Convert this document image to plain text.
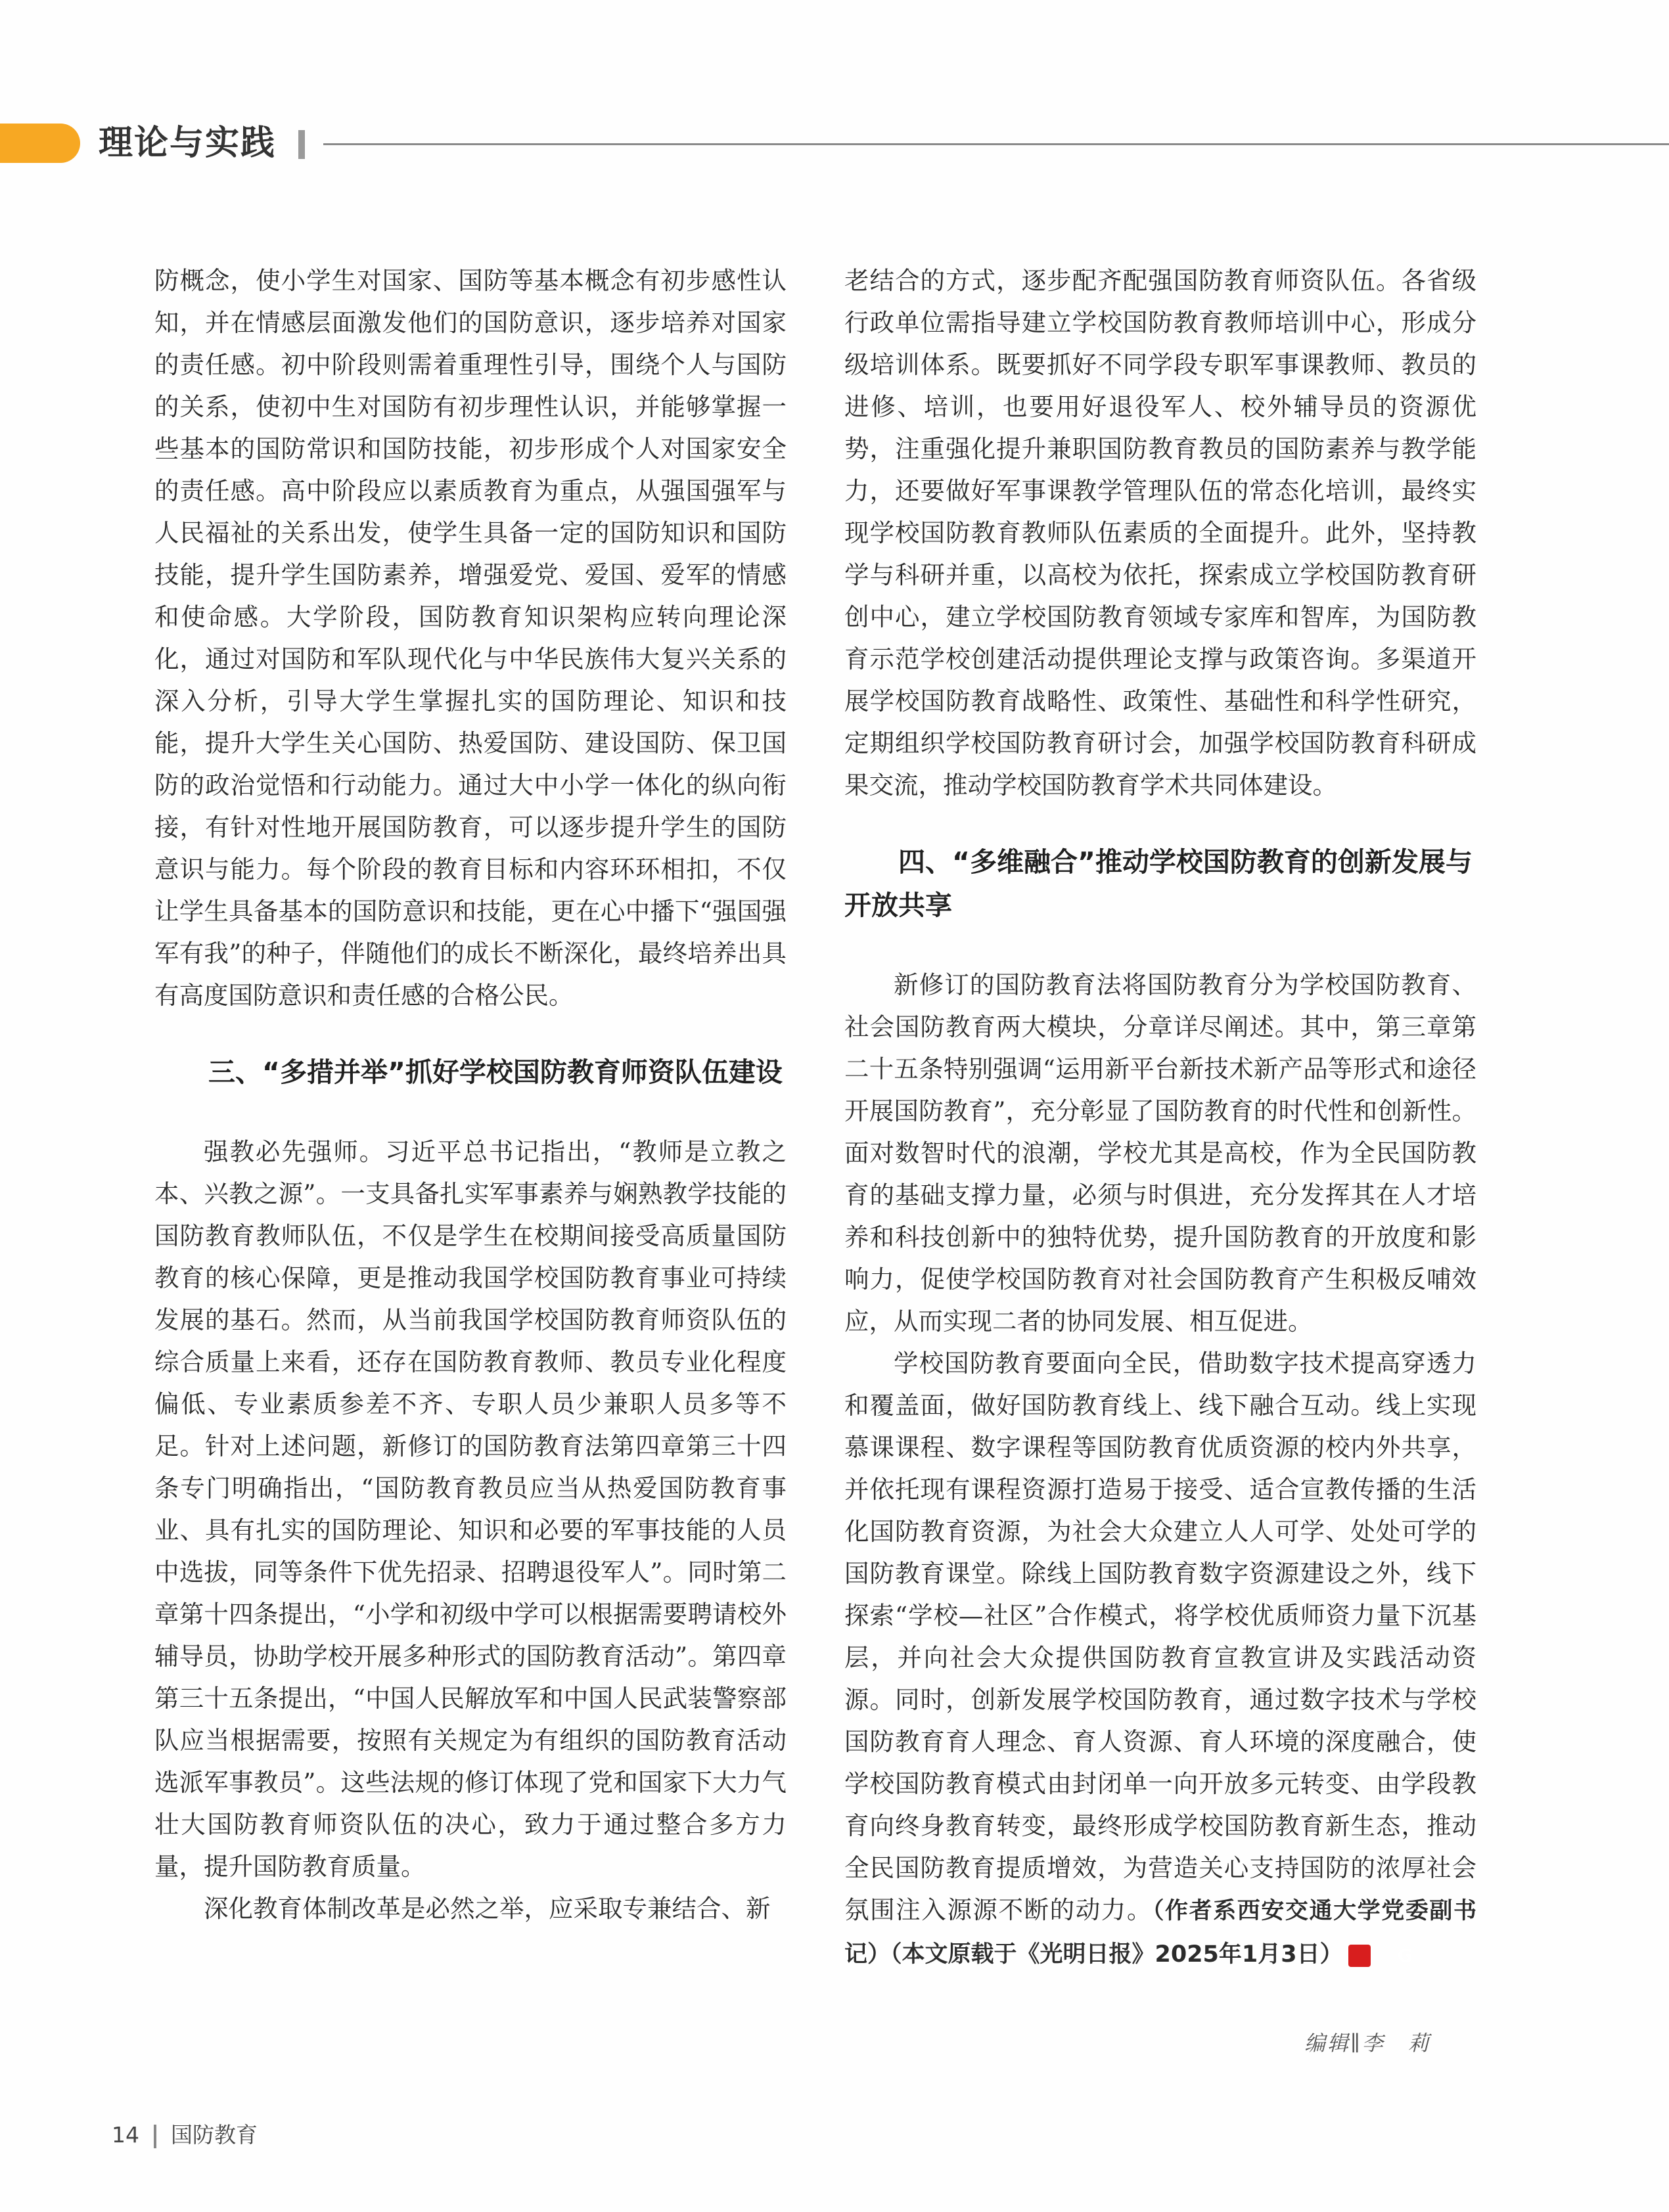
理论与实践

防概念，使小学生对国家、国防等基本概念有初步感性认知，并在情感层面激发他们的国防意识，逐步培养对国家的责任感。初中阶段则需着重理性引导，围绕个人与国防的关系，使初中生对国防有初步理性认识，并能够掌握一些基本的国防常识和国防技能，初步形成个人对国家安全的责任感。高中阶段应以素质教育为重点，从强国强军与人民福祉的关系出发，使学生具备一定的国防知识和国防技能，提升学生国防素养，增强爱党、爱国、爱军的情感和使命感。大学阶段，国防教育知识架构应转向理论深化，通过对国防和军队现代化与中华民族伟大复兴关系的深入分析，引导大学生掌握扎实的国防理论、知识和技能，提升大学生关心国防、热爱国防、建设国防、保卫国防的政治觉悟和行动能力。通过大中小学一体化的纵向衔接，有针对性地开展国防教育，可以逐步提升学生的国防意识与能力。每个阶段的教育目标和内容环环相扣，不仅让学生具备基本的国防意识和技能，更在心中播下“强国强军有我”的种子，伴随他们的成长不断深化，最终培养出具有高度国防意识和责任感的合格公民。

三、“多措并举”抓好学校国防教育师资队伍建设

强教必先强师。习近平总书记指出，“教师是立教之本、兴教之源”。一支具备扎实军事素养与娴熟教学技能的国防教育教师队伍，不仅是学生在校期间接受高质量国防教育的核心保障，更是推动我国学校国防教育事业可持续发展的基石。然而，从当前我国学校国防教育师资队伍的综合质量上来看，还存在国防教育教师、教员专业化程度偏低、专业素质参差不齐、专职人员少兼职人员多等不足。针对上述问题，新修订的国防教育法第四章第三十四条专门明确指出，“国防教育教员应当从热爱国防教育事业、具有扎实的国防理论、知识和必要的军事技能的人员中选拔，同等条件下优先招录、招聘退役军人”。同时第二章第十四条提出，“小学和初级中学可以根据需要聘请校外辅导员，协助学校开展多种形式的国防教育活动”。第四章第三十五条提出，“中国人民解放军和中国人民武装警察部队应当根据需要，按照有关规定为有组织的国防教育活动选派军事教员”。这些法规的修订体现了党和国家下大力气壮大国防教育师资队伍的决心，致力于通过整合多方力量，提升国防教育质量。

深化教育体制改革是必然之举，应采取专兼结合、新

老结合的方式，逐步配齐配强国防教育师资队伍。各省级行政单位需指导建立学校国防教育教师培训中心，形成分级培训体系。既要抓好不同学段专职军事课教师、教员的进修、培训，也要用好退役军人、校外辅导员的资源优势，注重强化提升兼职国防教育教员的国防素养与教学能力，还要做好军事课教学管理队伍的常态化培训，最终实现学校国防教育教师队伍素质的全面提升。此外，坚持教学与科研并重，以高校为依托，探索成立学校国防教育研创中心，建立学校国防教育领域专家库和智库，为国防教育示范学校创建活动提供理论支撑与政策咨询。多渠道开展学校国防教育战略性、政策性、基础性和科学性研究，定期组织学校国防教育研讨会，加强学校国防教育科研成果交流，推动学校国防教育学术共同体建设。

四、“多维融合”推动学校国防教育的创新发展与开放共享

新修订的国防教育法将国防教育分为学校国防教育、社会国防教育两大模块，分章详尽阐述。其中，第三章第二十五条特别强调“运用新平台新技术新产品等形式和途径开展国防教育”，充分彰显了国防教育的时代性和创新性。面对数智时代的浪潮，学校尤其是高校，作为全民国防教育的基础支撑力量，必须与时俱进，充分发挥其在人才培养和科技创新中的独特优势，提升国防教育的开放度和影响力，促使学校国防教育对社会国防教育产生积极反哺效应，从而实现二者的协同发展、相互促进。

学校国防教育要面向全民，借助数字技术提高穿透力和覆盖面，做好国防教育线上、线下融合互动。线上实现慕课课程、数字课程等国防教育优质资源的校内外共享，并依托现有课程资源打造易于接受、适合宣教传播的生活化国防教育资源，为社会大众建立人人可学、处处可学的国防教育课堂。除线上国防教育数字资源建设之外，线下探索“学校—社区”合作模式，将学校优质师资力量下沉基层，并向社会大众提供国防教育宣教宣讲及实践活动资源。同时，创新发展学校国防教育，通过数字技术与学校国防教育育人理念、育人资源、育人环境的深度融合，使学校国防教育模式由封闭单一向开放多元转变、由学段教育向终身教育转变，最终形成学校国防教育新生态，推动全民国防教育提质增效，为营造关心支持国防的浓厚社会氛围注入源源不断的动力。（作者系西安交通大学党委副书记）（本文原载于《光明日报》2025年1月3日）	G

编辑∥李　莉
14 国防教育
